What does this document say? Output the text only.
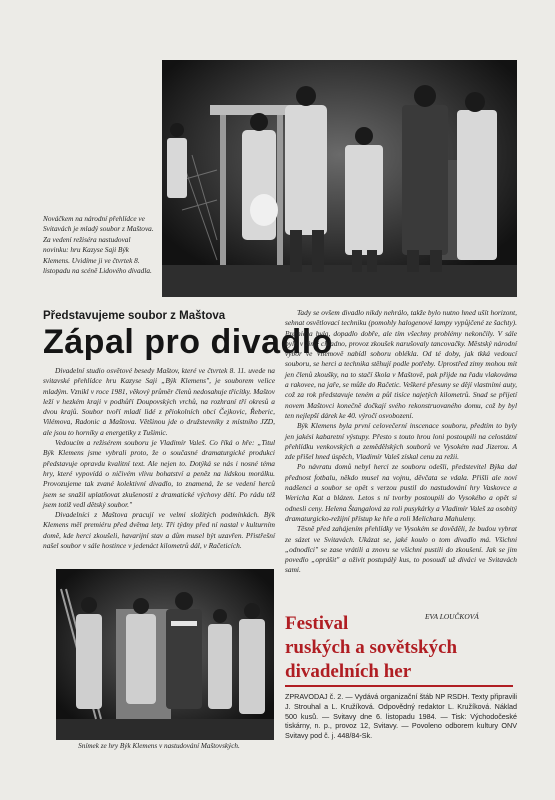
Nováčkem na národní přehlídce ve Svitavách je mladý soubor z Maštova. Za vedení režiséra nastudoval novinku: hru Kazyse Saji Býk Klemens. Uvidíme ji ve čtvrtek 8. listopadu na scéně Lidového divadla.
Představujeme soubor z Maštova
Zápal pro divadlo

Divadelní studio osvětové besedy Maštov, které ve čtvrtek 8. 11. uvede na svitavské přehlídce hru Kazyse Saji „Býk Klemens", je souborem velice mladým. Vznikl v roce 1981, věkový průměr členů nedosahuje třicítky. Maštov leží v hezkém kraji v podhůří Doupovských vrchů, na rozhraní tří okresů a dvou krajů. Soubor tvoří mladí lidé z přiokolních obcí Čejkovic, Řeberic, Vilémova, Radonic a Maštova. Většinou jde o družstevníky z místního JZD, ale jsou to horníky a energetiky z Tušimic.

Vedoucím a režisérem souboru je Vladimír Valeš. Co říká o hře: „Titul Býk Klemens jsme vybrali proto, že o současné dramaturgické produkci představuje opravdu kvalitní text. Ale nejen to. Dotýká se nás i nosné téma hry, které vypovídá o ničivém vlivu bohatství a peněz na lidskou morálku. Provozujeme tak zvané kolektivní divadlo, to znamená, že se vedení herců jsem se snažil uplatňovat zkušenosti z dramatické výchovy dětí. Po rádu též jsem totiž vedl dětský soubor."

Divadelníci z Maštova pracují ve velmi složitých podmínkách. Býk Klemens měl premiéru před dvěma lety. Tři týdny před ní nastal v kulturním domě, kde herci zkoušeli, havarijní stav a dům musel být uzavřen. Přistřešní našel soubor v sále hostince v jedenáct kilometrů dál, v Račeticích.

Tady se ovšem divadlo nikdy nehrálo, takže bylo nutno hned ušít horizont, sehnat osvětlovací techniku (pomohly halogenové lampy vypůjčené ze šachty). Premiéra byla, dopadlo dobře, ale tím všechny problémy nekončily. V sále bylo v zimě chladno, provoz zkoušek narušovaly tancovačky. Městský národní výbor ve Vilémově nabídl soboru oblékla. Od té doby, jak tkká vedoucí souboru, se herci a technika stěhují podle potřeby. Uprostřed zimy mohou mít jen členů zkoušky, na to stačí škola v Maštově, pak přijde na řadu vlakováma a rakovee, na jaře, se může do Račetic. Veškeré přesuny se dějí vlastními auty, což za rok představuje teném a půl tisíce najetých kilometrů. Snad se přijetí novem Maštovci konečně dočkají svého rekonstruovaného domu, což by byl ten nejlepší dárek ke 40. výročí osvobození.

Býk Klemens byla první celovečerní inscenace souboru, předtím to byly jen jakési kabaretní výstupy. Přesto s touto hrou loni postoupili na celostátní přehlídku venkovských a zemědělských souborů ve Vysokém nad Jizerou. A zde přišel hned úspěch, Vladimír Valeš získal cenu za režii.

Po návratu domů nebyl herci ze souboru odešli, předstevitel Býka dal přednost fotbalu, někdo musel na vojnu, děvčata se vdala. Přišli ale noví nadšenci a soubor se opět s verzou pustil do nastudování hry Vaskovce a Wericha Kat a blázen. Letos s ní tvorby postoupili do Vysokého a opět si odnesli ceny. Helena Štangalová za roli pusykárky a Vladimír Valeš za osobitý dramaturgicko-režijní přístup ke hře a roli Melichara Mahuleny.

Těsně před zahájením přehlídky ve Vysokém se dověděli, že budou vybrat ze sázet ve Svitavách. Ukázat se, jaké koulo o tom divadlo má. Všichni „odnodlci" se zase vrátili a znovu se všichni pustili do zkoušení. Jak se jim povedlo „oprášit" a oživit postupálý kus, to posoudí už diváci ve Svitavách sami.

EVA LOUČKOVÁ
Snímek ze hry Býk Klemens v nastudování Maštovských.
Festival
ruských a sovětských
divadelních her
ZPRAVODAJ č. 2. — Vydává organizační štáb NP RSDH. Texty připravili J. Strouhal a L. Kružíková. Odpovědný redaktor L. Kružíková. Náklad 500 kusů. — Svitavy dne 6. listopadu 1984. — Tisk: Východočeské tiskárny, n. p., provoz 12, Svitavy. — Povoleno odborem kultury ONV Svitavy pod č. j. 448/84-Sk.
